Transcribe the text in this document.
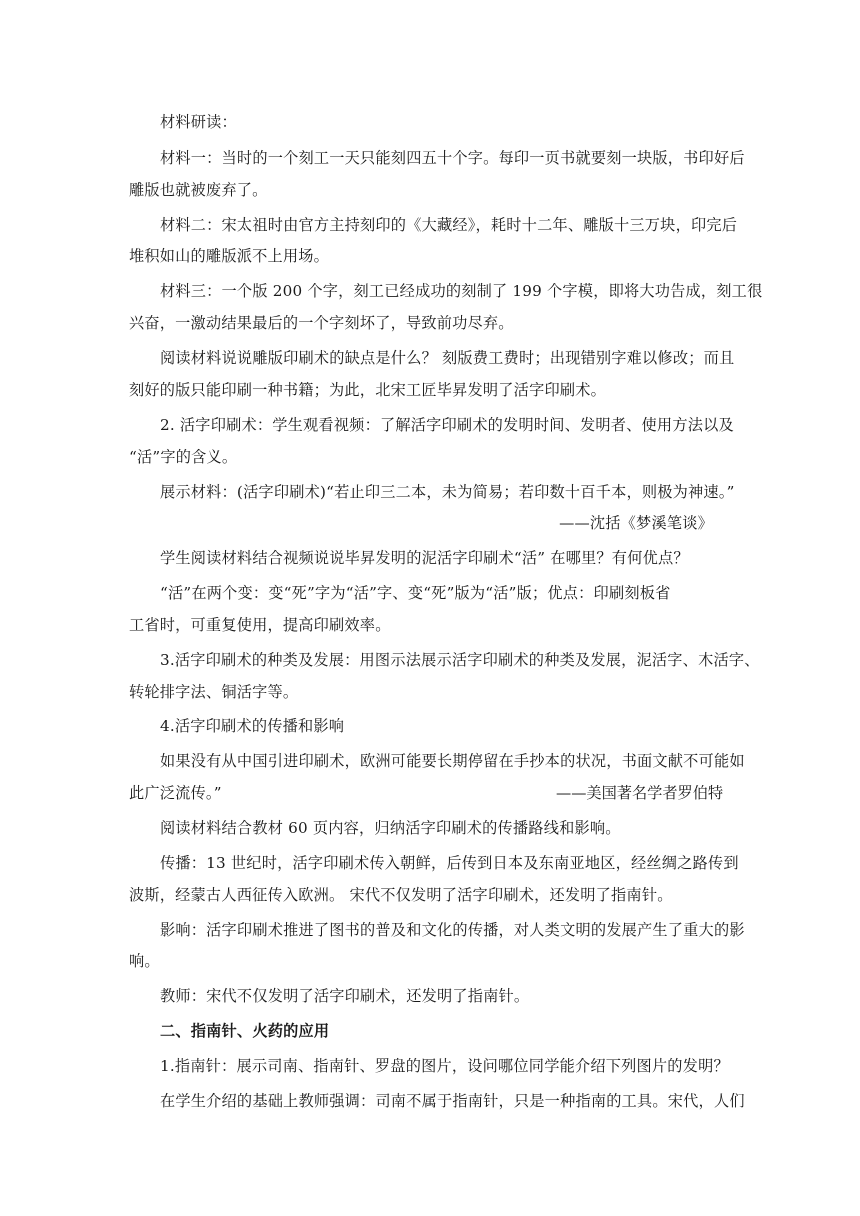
材料研读：
材料一：当时的一个刻工一天只能刻四五十个字。每印一页书就要刻一块版，书印好后
雕版也就被废弃了。
材料二：宋太祖时由官方主持刻印的《大藏经》，耗时十二年、雕版十三万块，印完后
堆积如山的雕版派不上用场。
材料三：一个版 200 个字，刻工已经成功的刻制了 199 个字模，即将大功告成，刻工很
兴奋，一激动结果最后的一个字刻坏了，导致前功尽弃。
阅读材料说说雕版印刷术的缺点是什么？ 刻版费工费时；出现错别字难以修改；而且
刻好的版只能印刷一种书籍；为此，北宋工匠毕昇发明了活字印刷术。
2. 活字印刷术：学生观看视频：了解活字印刷术的发明时间、发明者、使用方法以及
“活”字的含义。
展示材料：(活字印刷术)“若止印三二本，未为简易；若印数十百千本，则极为神速。”
——沈括《梦溪笔谈》
学生阅读材料结合视频说说毕昇发明的泥活字印刷术“活” 在哪里？有何优点？
“活”在两个变：变“死”字为“活”字、变“死”版为“活”版；优点：印刷刻板省
工省时，可重复使用，提高印刷效率。
3.活字印刷术的种类及发展：用图示法展示活字印刷术的种类及发展，泥活字、木活字、
转轮排字法、铜活字等。
4.活字印刷术的传播和影响
如果没有从中国引进印刷术，欧洲可能要长期停留在手抄本的状况，书面文献不可能如
此广泛流传。”	——美国著名学者罗伯特
阅读材料结合教材 60 页内容，归纳活字印刷术的传播路线和影响。
传播：13 世纪时，活字印刷术传入朝鲜，后传到日本及东南亚地区，经丝绸之路传到
波斯，经蒙古人西征传入欧洲。 宋代不仅发明了活字印刷术，还发明了指南针。
影响：活字印刷术推进了图书的普及和文化的传播，对人类文明的发展产生了重大的影
响。
教师：宋代不仅发明了活字印刷术，还发明了指南针。
二、指南针、火药的应用
1.指南针：展示司南、指南针、罗盘的图片，设问哪位同学能介绍下列图片的发明？
在学生介绍的基础上教师强调：司南不属于指南针，只是一种指南的工具。宋代，人们
